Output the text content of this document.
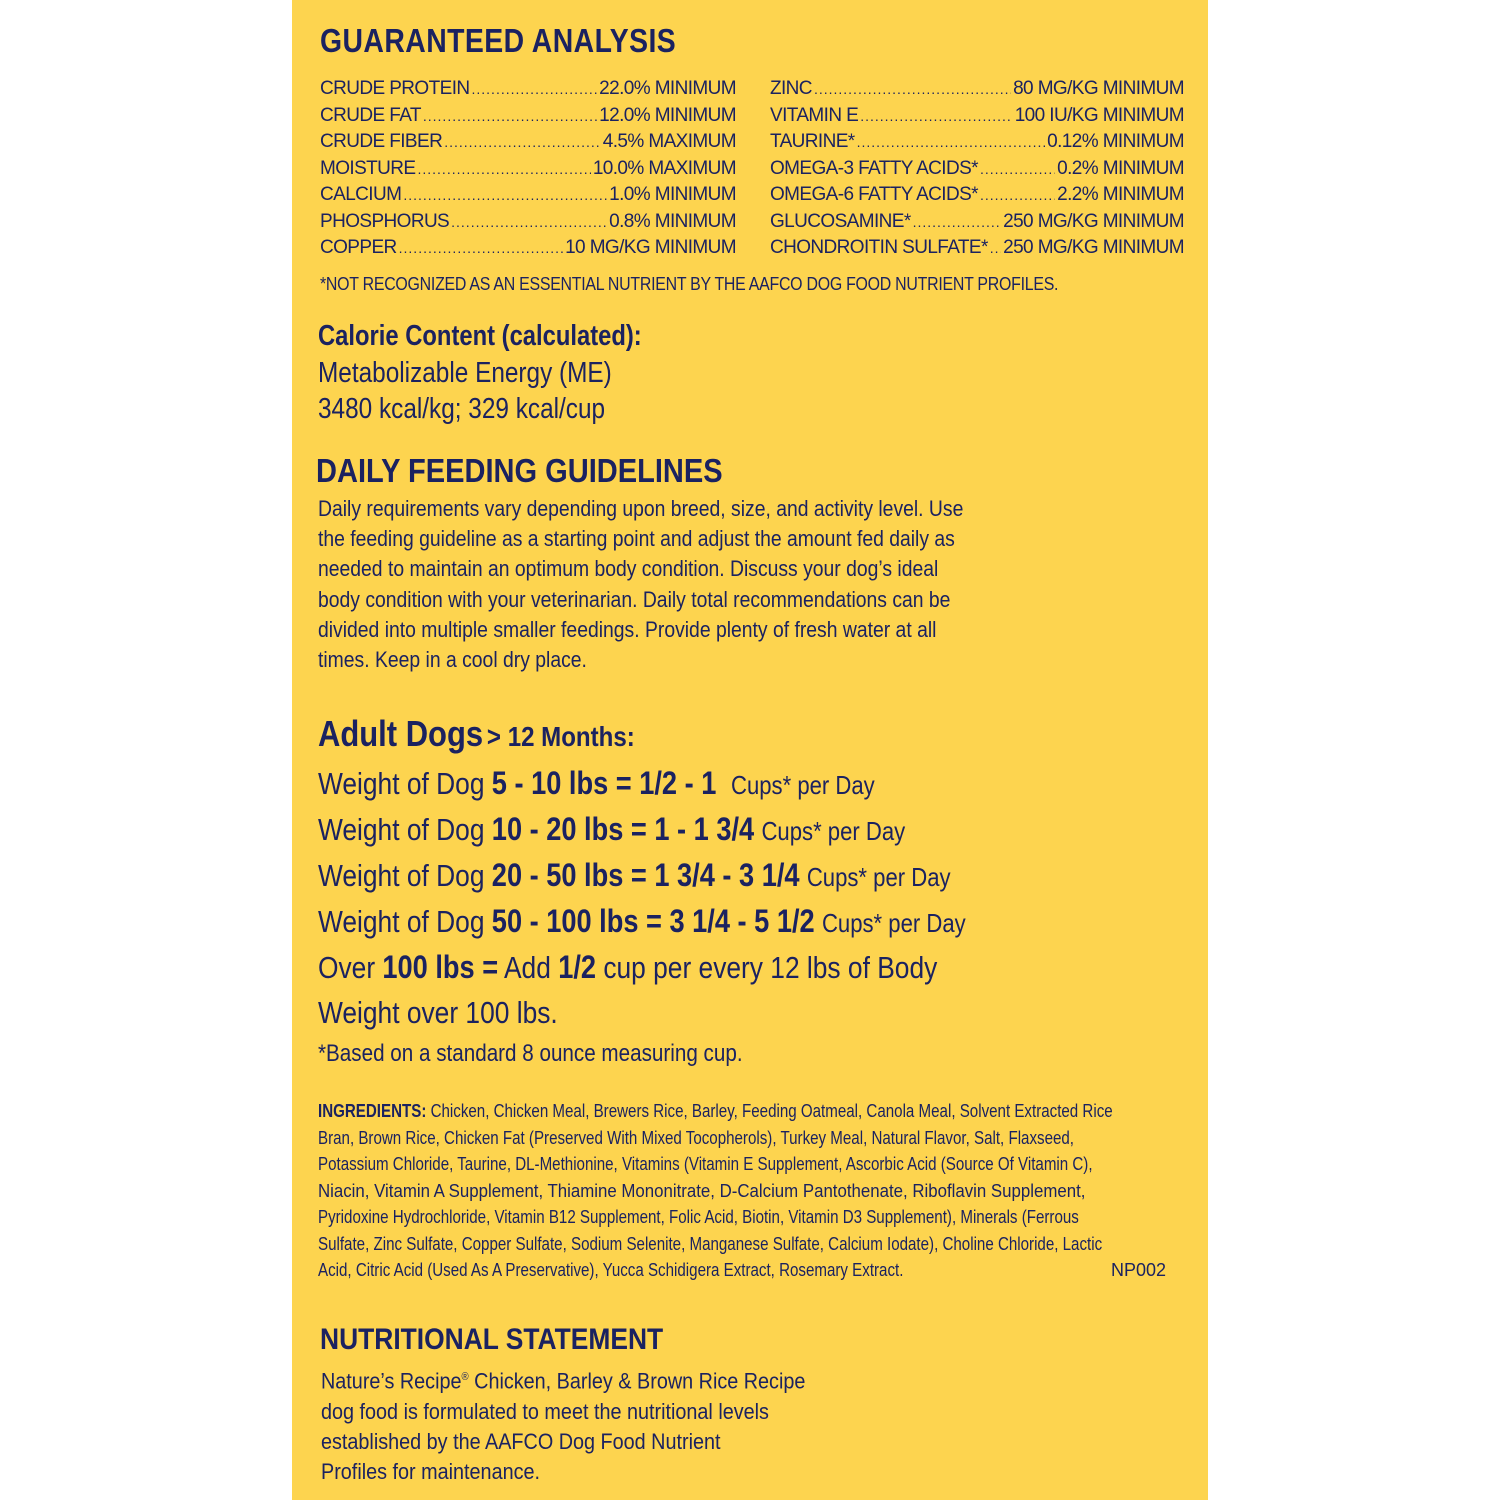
GUARANTEED ANALYSIS
CRUDE PROTEIN .....	22.0% MINIMUM
CRUDE FAT .....	12.0% MINIMUM
CRUDE FIBER .....	4.5% MAXIMUM
MOISTURE .....	10.0% MAXIMUM
CALCIUM .....	1.0% MINIMUM
PHOSPHORUS .....	0.8% MINIMUM
COPPER .....	10 MG/KG MINIMUM
ZINC .....	80 MG/KG MINIMUM
VITAMIN E .....	100 IU/KG MINIMUM
TAURINE* .....	0.12% MINIMUM
OMEGA-3 FATTY ACIDS* .....	0.2% MINIMUM
OMEGA-6 FATTY ACIDS* .....	2.2% MINIMUM
GLUCOSAMINE* .....	250 MG/KG MINIMUM
CHONDROITIN SULFATE* ..... 250 MG/KG MINIMUM
*NOT RECOGNIZED AS AN ESSENTIAL NUTRIENT BY THE AAFCO DOG FOOD NUTRIENT PROFILES.
Calorie Content (calculated):
Metabolizable Energy (ME)
3480 kcal/kg; 329 kcal/cup
DAILY FEEDING GUIDELINES
Daily requirements vary depending upon breed, size, and activity level. Use
the feeding guideline as a starting point and adjust the amount fed daily as
needed to maintain an optimum body condition. Discuss your dog’s ideal
body condition with your veterinarian. Daily total recommendations can be
divided into multiple smaller feedings. Provide plenty of fresh water at all
times. Keep in a cool dry place.
Adult Dogs > 12 Months:
Weight of Dog 5 - 10 lbs = 1/2 - 1 Cups* per Day
Weight of Dog 10 - 20 lbs = 1 - 1 3/4 Cups* per Day
Weight of Dog 20 - 50 lbs = 1 3/4 - 3 1/4 Cups* per Day
Weight of Dog 50 - 100 lbs = 3 1/4 - 5 1/2 Cups* per Day
Over 100 lbs = Add 1/2 cup per every 12 lbs of Body
Weight over 100 lbs.
*Based on a standard 8 ounce measuring cup.
INGREDIENTS: Chicken, Chicken Meal, Brewers Rice, Barley, Feeding Oatmeal, Canola Meal, Solvent Extracted Rice
Bran, Brown Rice, Chicken Fat (Preserved With Mixed Tocopherols), Turkey Meal, Natural Flavor, Salt, Flaxseed,
Potassium Chloride, Taurine, DL-Methionine, Vitamins (Vitamin E Supplement, Ascorbic Acid (Source Of Vitamin C),
Niacin, Vitamin A Supplement, Thiamine Mononitrate, D-Calcium Pantothenate, Riboflavin Supplement,
Pyridoxine Hydrochloride, Vitamin B12 Supplement, Folic Acid, Biotin, Vitamin D3 Supplement), Minerals (Ferrous
Sulfate, Zinc Sulfate, Copper Sulfate, Sodium Selenite, Manganese Sulfate, Calcium Iodate), Choline Chloride, Lactic
Acid, Citric Acid (Used As A Preservative), Yucca Schidigera Extract, Rosemary Extract.	NP002
NUTRITIONAL STATEMENT
Nature’s Recipe® Chicken, Barley & Brown Rice Recipe
dog food is formulated to meet the nutritional levels
established by the AAFCO Dog Food Nutrient
Profiles for maintenance.
